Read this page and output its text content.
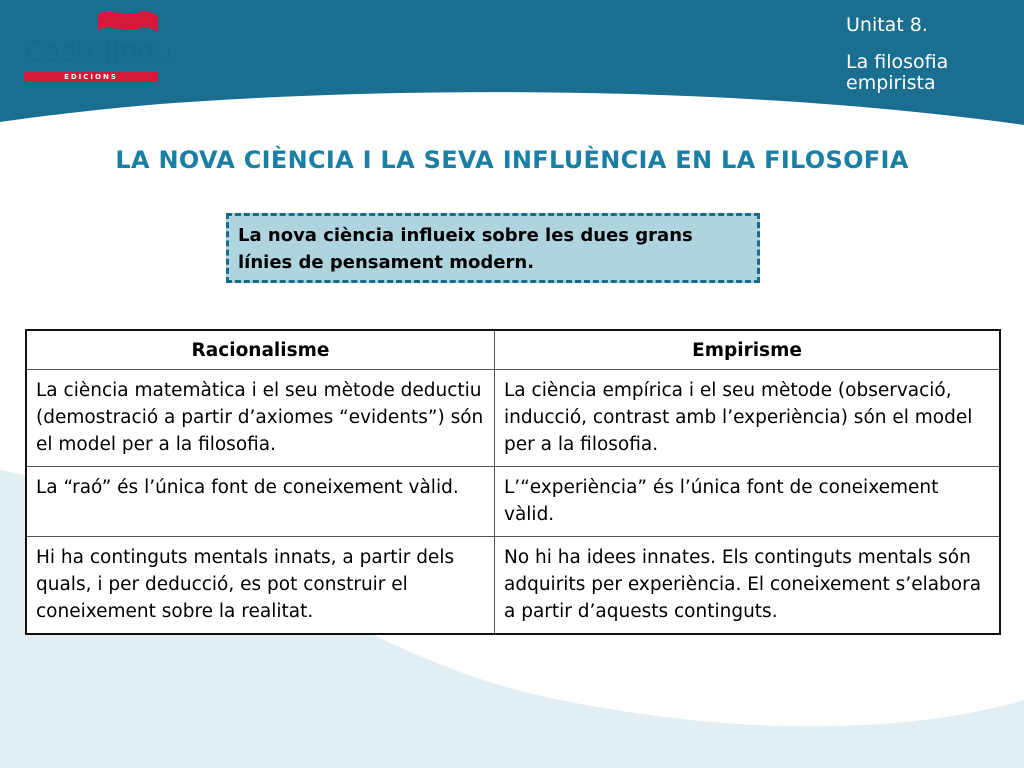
Castellnou
EDICIONS
Unitat 8.
La filosofia empirista
LA NOVA CIÈNCIA I LA SEVA INFLUÈNCIA EN LA FILOSOFIA
La nova ciència influeix sobre les dues grans línies de pensament modern.
Racionalisme	Empirisme
La ciència matemàtica i el seu mètode deductiu (demostració a partir d’axiomes “evidents”) són el model per a la filosofia.	La ciència empírica i el seu mètode (observació, inducció, contrast amb l’experiència) són el model per a la filosofia.
La “raó” és l’única font de coneixement vàlid.	L’“experiència” és l’única font de coneixement vàlid.
Hi ha continguts mentals innats, a partir dels quals, i per deducció, es pot construir el coneixement sobre la realitat.	No hi ha idees innates. Els continguts mentals són adquirits per experiència. El coneixement s’elabora a partir d’aquests continguts.
